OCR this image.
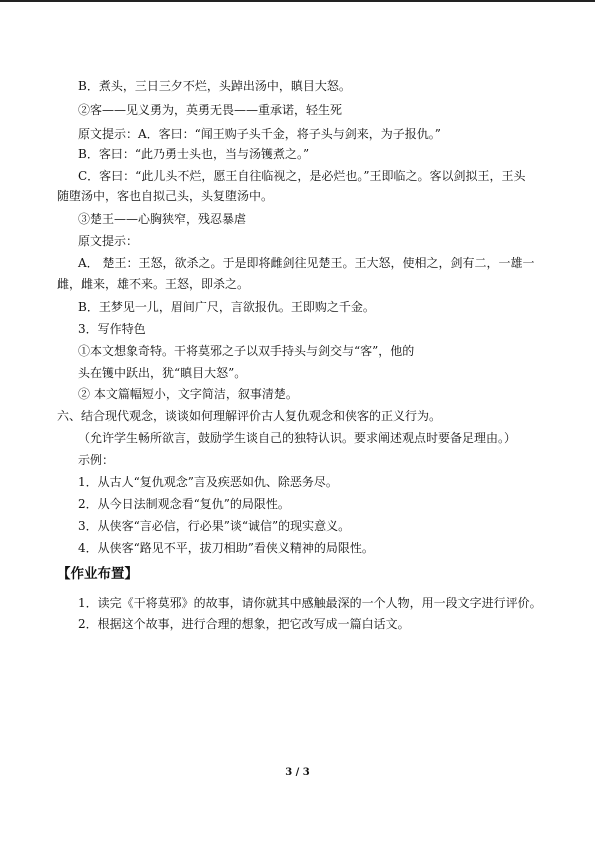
B．煮头，三日三夕不烂，头踔出汤中，瞋目大怒。
②客——见义勇为，英勇无畏——重承诺，轻生死
原文提示：A．客曰：“闻王购子头千金，将子头与剑来，为子报仇。”
B．客曰：“此乃勇士头也，当与汤镬煮之。”
C．客曰：“此儿头不烂，愿王自往临视之，是必烂也。”王即临之。客以剑拟王，王头
随堕汤中，客也自拟己头，头复堕汤中。
③楚王——心胸狭窄，残忍暴虐
原文提示：
A． 楚王：王怒，欲杀之。于是即将雌剑往见楚王。王大怒，使相之，剑有二，一雄一
雌，雌来，雄不来。王怒，即杀之。
B．王梦见一儿，眉间广尺，言欲报仇。王即购之千金。
3．写作特色
①本文想象奇特。干将莫邪之子以双手持头与剑交与“客”，他的
头在镬中跃出，犹“瞋目大怒”。
② 本文篇幅短小，文字简洁，叙事清楚。
六、结合现代观念，谈谈如何理解评价古人复仇观念和侠客的正义行为。
（允许学生畅所欲言，鼓励学生谈自己的独特认识。要求阐述观点时要备足理由。）
示例：
1．从古人“复仇观念”言及疾恶如仇、除恶务尽。
2．从今日法制观念看“复仇”的局限性。
3．从侠客“言必信，行必果”谈“诚信”的现实意义。
4．从侠客“路见不平，拔刀相助”看侠义精神的局限性。
【作业布置】
1．读完《干将莫邪》的故事，请你就其中感触最深的一个人物，用一段文字进行评价。
2．根据这个故事，进行合理的想象，把它改写成一篇白话文。
3 / 3
